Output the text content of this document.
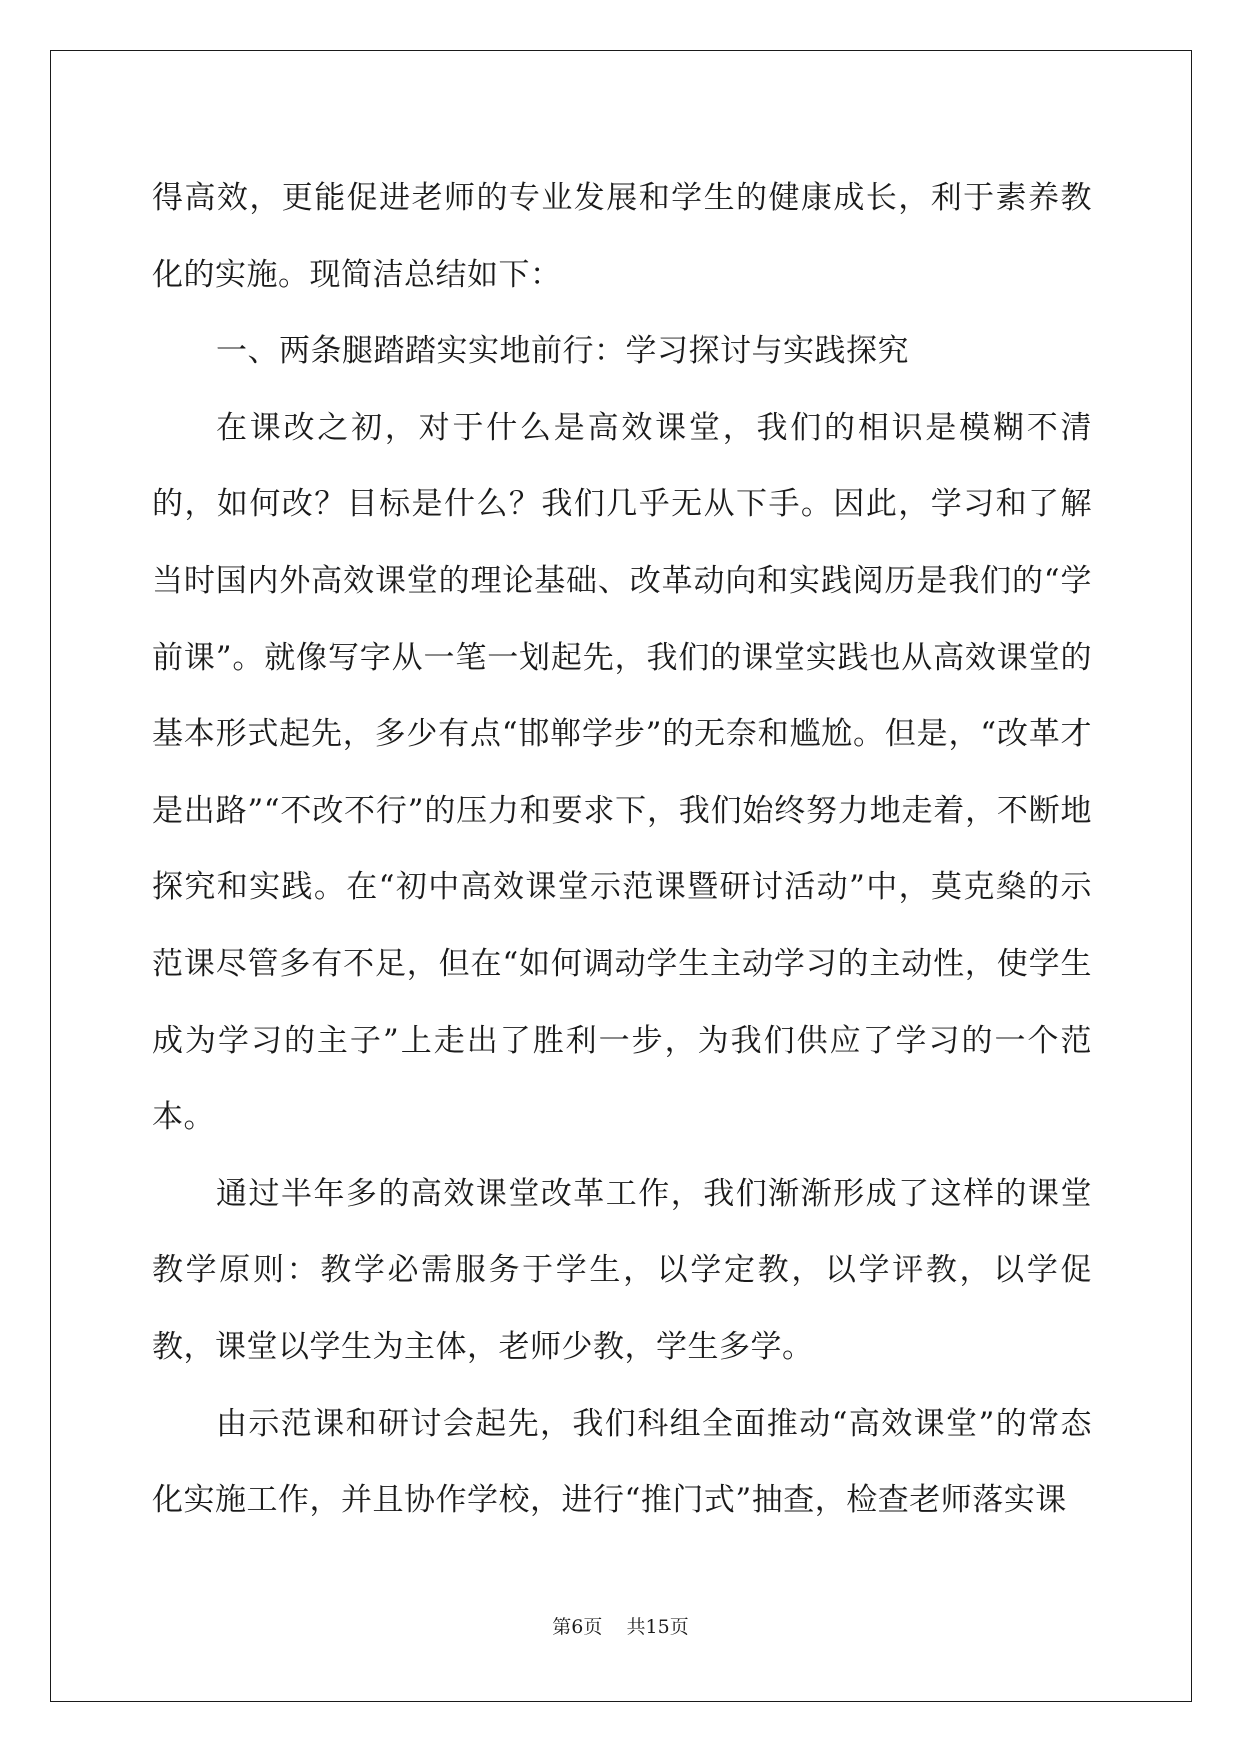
得高效，更能促进老师的专业发展和学生的健康成长，利于素养教化的实施。现简洁总结如下：

一、两条腿踏踏实实地前行：学习探讨与实践探究

在课改之初，对于什么是高效课堂，我们的相识是模糊不清的，如何改？目标是什么？我们几乎无从下手。因此，学习和了解当时国内外高效课堂的理论基础、改革动向和实践阅历是我们的“学前课”。就像写字从一笔一划起先，我们的课堂实践也从高效课堂的基本形式起先，多少有点“邯郸学步”的无奈和尴尬。但是，“改革才是出路”“不改不行”的压力和要求下，我们始终努力地走着，不断地探究和实践。在“初中高效课堂示范课暨研讨活动”中，莫克燊的示范课尽管多有不足，但在“如何调动学生主动学习的主动性，使学生成为学习的主子”上走出了胜利一步，为我们供应了学习的一个范本。

通过半年多的高效课堂改革工作，我们渐渐形成了这样的课堂教学原则：教学必需服务于学生，以学定教，以学评教，以学促教，课堂以学生为主体，老师少教，学生多学。

由示范课和研讨会起先，我们科组全面推动“高效课堂”的常态化实施工作，并且协作学校，进行“推门式”抽查，检查老师落实课

第6页    共15页
